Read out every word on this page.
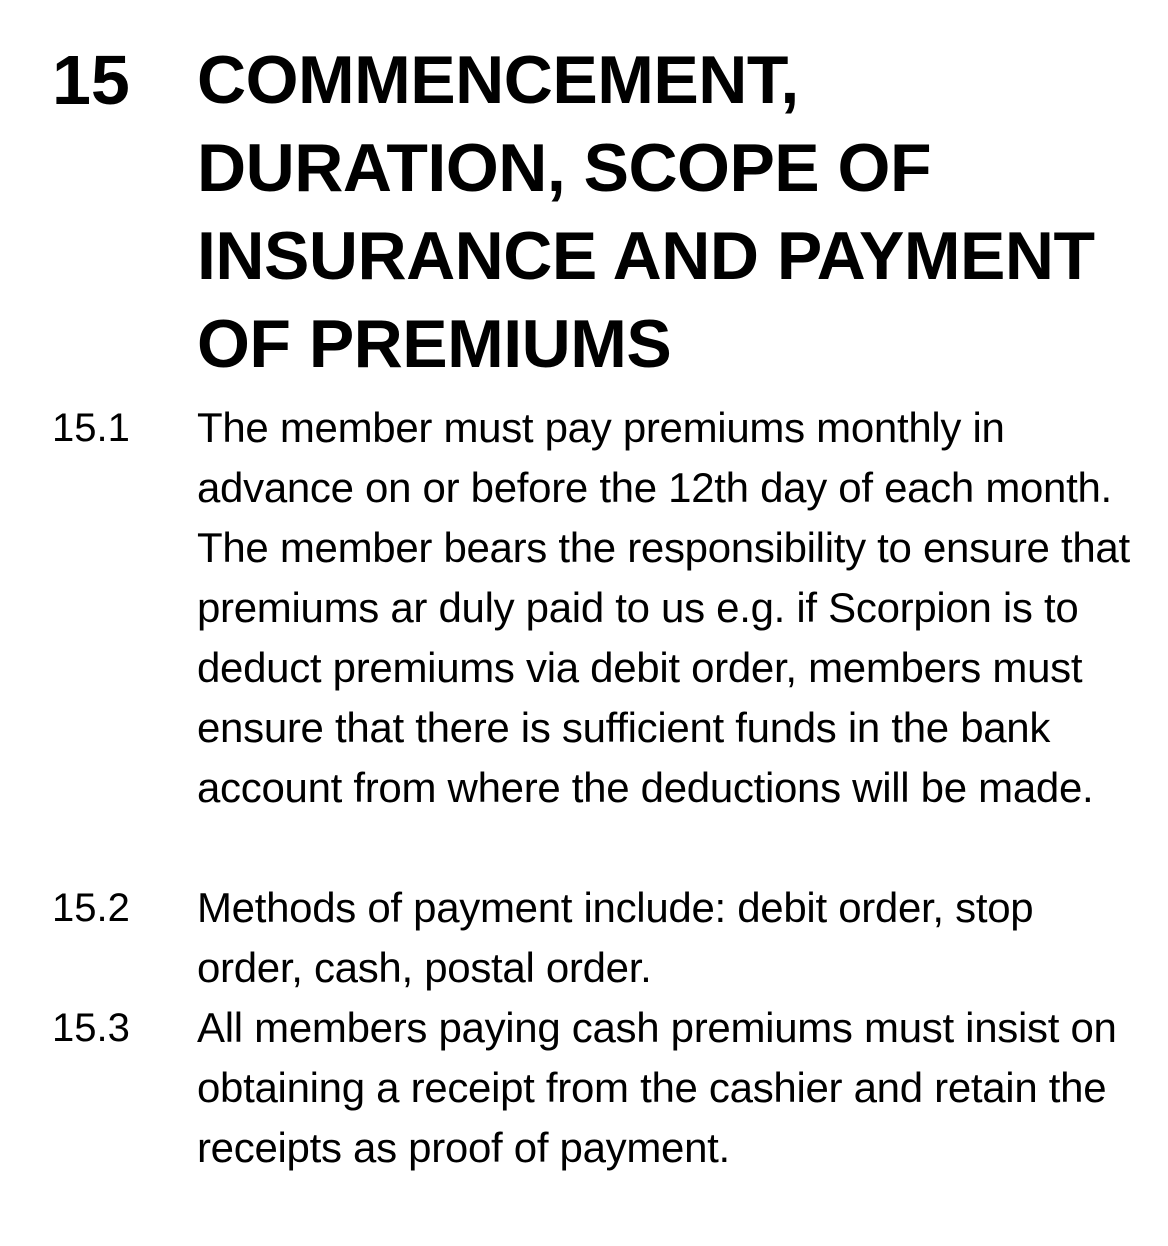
15 COMMENCEMENT, DURATION, SCOPE OF INSURANCE AND PAYMENT OF PREMIUMS
15.1 The member must pay premiums monthly in advance on or before the 12th day of each month. The member bears the responsibility to ensure that premiums ar duly paid to us e.g. if Scorpion is to deduct premiums via debit order, members must ensure that there is sufficient funds in the bank account from where the deductions will be made.
15.2 Methods of payment include: debit order, stop order, cash, postal order.
15.3 All members paying cash premiums must insist on obtaining a receipt from the cashier and retain the receipts as proof of payment.
